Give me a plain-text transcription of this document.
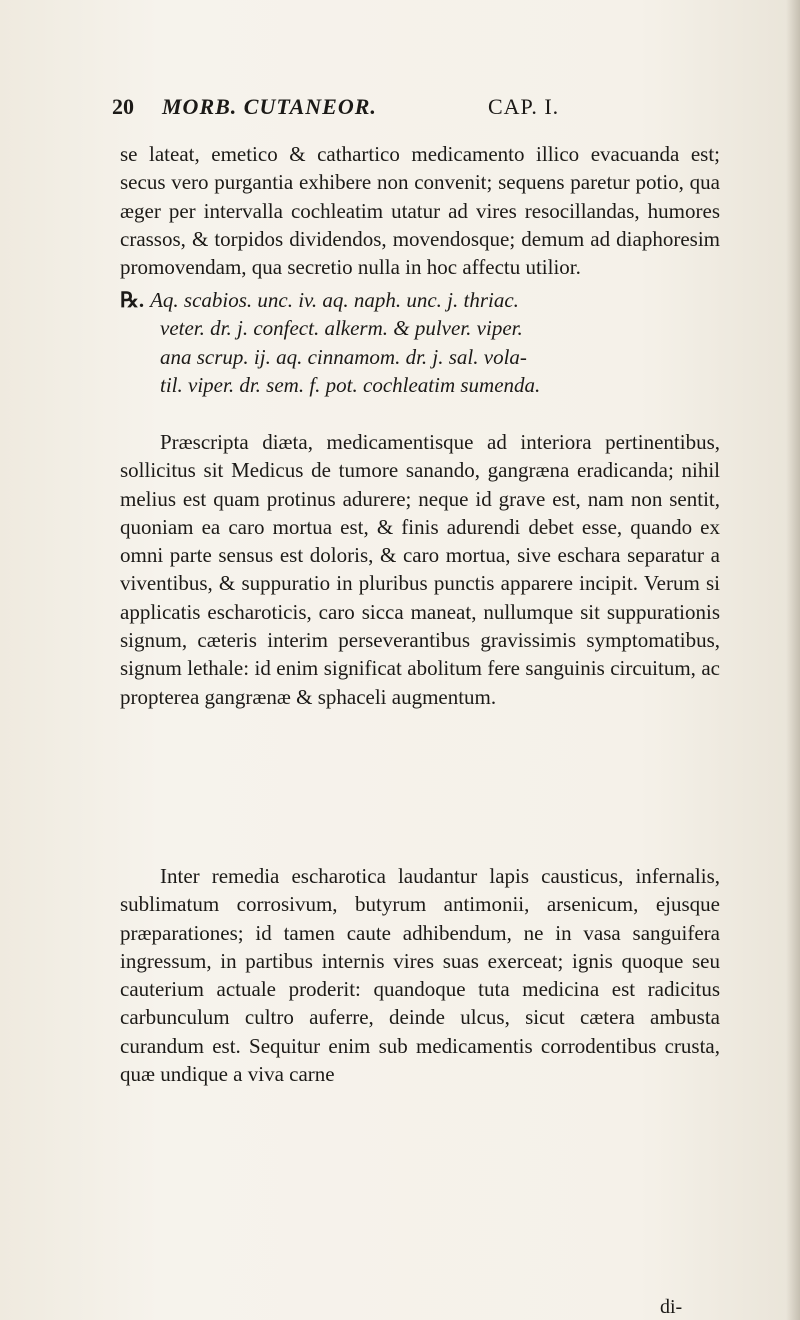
20 MORB. CUTANEOR.	CAP. I.

se lateat, emetico & cathartico medicamento illico evacuanda est; secus vero purgantia exhibere non convenit; sequens paretur potio, qua æger per intervalla cochleatim utatur ad vires resocillandas, humores crassos, & torpidos dividendos, movendosque; demum ad diaphoresim promovendam, qua secretio nulla in hoc affectu utilior.

℞. Aq. scabios. unc. iv. aq. naph. unc. j. thriac.
veter. dr. j. confect. alkerm. & pulver. viper.
ana scrup. ij. aq. cinnamom. dr. j. sal. vola-
til. viper. dr. sem. f. pot. cochleatim sumenda.

Præscripta diæta, medicamentisque ad interiora pertinentibus, sollicitus sit Medicus de tumore sanando, gangræna eradicanda; nihil melius est quam protinus adurere; neque id grave est, nam non sentit, quoniam ea caro mortua est, & finis adurendi debet esse, quando ex omni parte sensus est doloris, & caro mortua, sive eschara separatur a viventibus, & suppuratio in pluribus punctis apparere incipit. Verum si applicatis escharoticis, caro sicca maneat, nullumque sit suppurationis signum, cæteris interim perseverantibus gravissimis symptomatibus, signum lethale: id enim significat abolitum fere sanguinis circuitum, ac propterea gangrænæ & sphaceli augmentum.

Inter remedia escharotica laudantur lapis causticus, infernalis, sublimatum corrosivum, butyrum antimonii, arsenicum, ejusque præparationes; id tamen caute adhibendum, ne in vasa sanguifera ingressum, in partibus internis vires suas exerceat; ignis quoque seu cauterium actuale proderit: quandoque tuta medicina est radicitus carbunculum cultro auferre, deinde ulcus, sicut cætera ambusta curandum est. Sequitur enim sub medicamentis corrodentibus crusta, quæ undique a viva carne

di-
